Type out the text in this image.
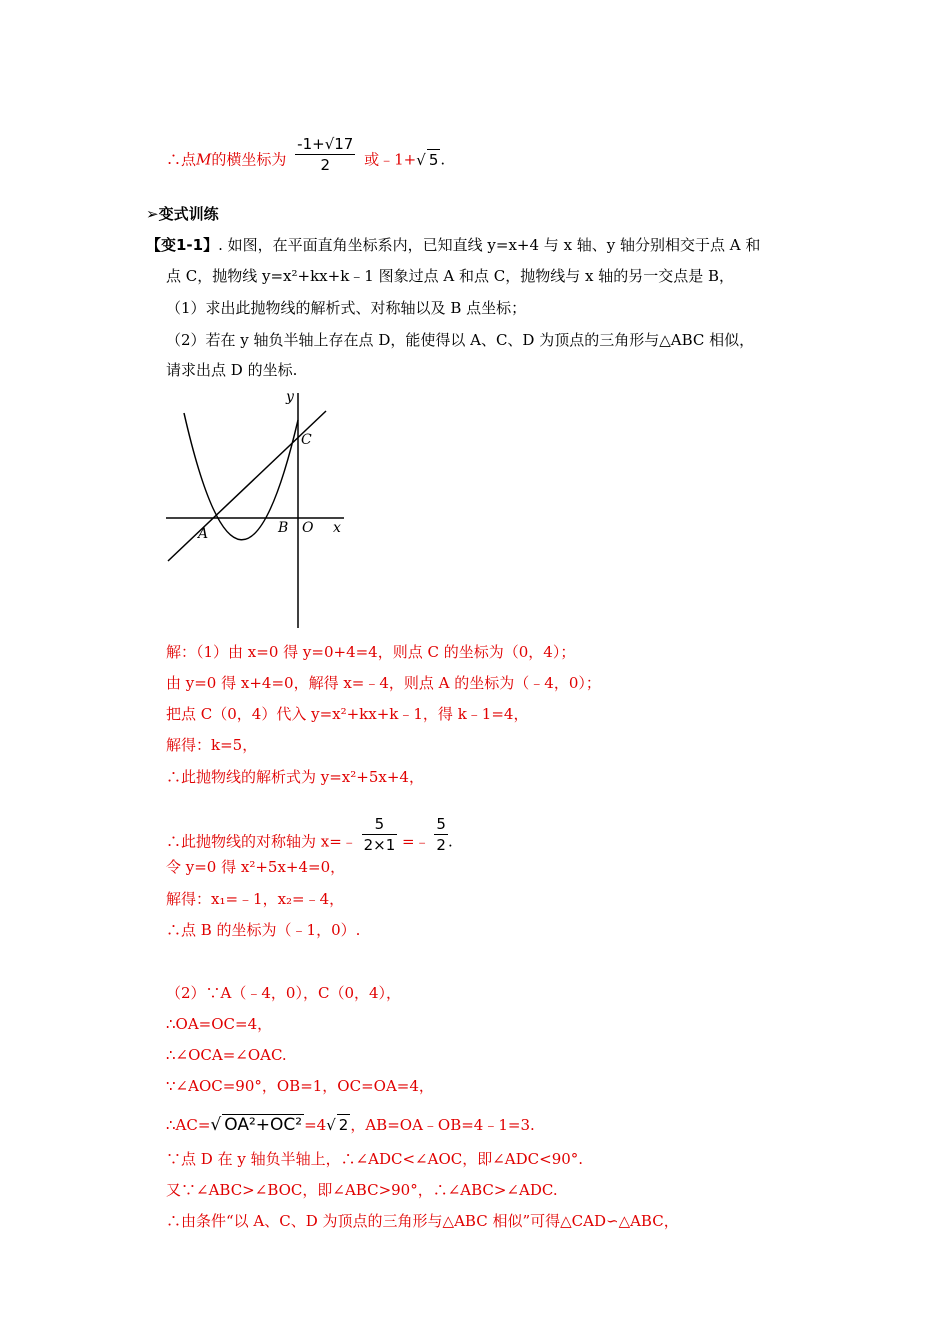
∴点M的横坐标为 $\frac{-1+√17}{2}$ 或﹣1+√ 5 .
➢变式训练
【变1-1】. 如图，在平面直角坐标系内，已知直线 y=x+4 与 x 轴、y 轴分别相交于点 A 和
点 C，抛物线 y=x²+kx+k﹣1 图象过点 A 和点 C，抛物线与 x 轴的另一交点是 B，
（1）求出此抛物线的解析式、对称轴以及 B 点坐标；
（2）若在 y 轴负半轴上存在点 D，能使得以 A、C、D 为顶点的三角形与△ABC 相似，
请求出点 D 的坐标.
y
x
C
A	B O
解：（1）由 x=0 得 y=0+4=4，则点 C 的坐标为（0，4）；
由 y=0 得 x+4=0，解得 x=﹣4，则点 A 的坐标为（﹣4，0）；
把点 C（0，4）代入 y=x²+kx+k﹣1，得 k﹣1=4，
解得：k=5，
∴此抛物线的解析式为 y=x²+5x+4，
∴此抛物线的对称轴为 x=﹣ $\frac{5}{2\times 1}$ =﹣ $\frac{5}{2}$ .
令 y=0 得 x²+5x+4=0，
解得：x₁=﹣1，x₂=﹣4，
∴点 B 的坐标为（﹣1，0）.
（2）∵A（﹣4，0），C（0，4），
∴OA=OC=4，
∴∠OCA=∠OAC.
∵∠AOC=90°，OB=1，OC=OA=4，
∴AC=√ OA²+OC² =4√ 2 ，AB=OA﹣OB=4﹣1=3.
∵点 D 在 y 轴负半轴上，∴∠ADC<∠AOC，即∠ADC<90°.
又∵∠ABC>∠BOC，即∠ABC>90°，∴∠ABC>∠ADC.
∴由条件“以 A、C、D 为顶点的三角形与△ABC 相似”可得△CAD∽△ABC，
